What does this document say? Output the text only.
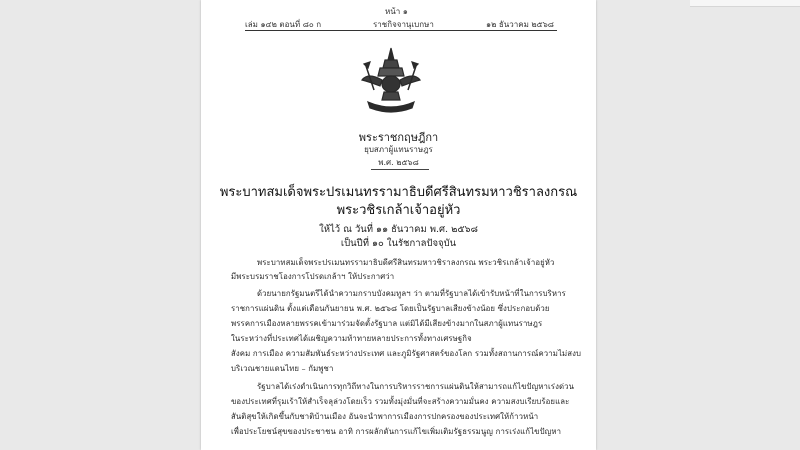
หน้า ๑
เล่ม ๑๔๒ ตอนที่ ๘๐ ก	ราชกิจจานุเบกษา	๑๒ ธันวาคม ๒๕๖๘
พระราชกฤษฎีกา
ยุบสภาผู้แทนราษฎร
พ.ศ. ๒๕๖๘
พระบาทสมเด็จพระปรเมนทรรามาธิบดีศรีสินทรมหาวชิราลงกรณ
พระวชิรเกล้าเจ้าอยู่หัว
ให้ไว้ ณ วันที่ ๑๑ ธันวาคม พ.ศ. ๒๕๖๘
เป็นปีที่ ๑๐ ในรัชกาลปัจจุบัน
พระบาทสมเด็จพระปรเมนทรรามาธิบดีศรีสินทรมหาวชิราลงกรณ พระวชิรเกล้าเจ้าอยู่หัว
มีพระบรมราชโองการโปรดเกล้าฯ ให้ประกาศว่า
ด้วยนายกรัฐมนตรีได้นำความกราบบังคมทูลฯ ว่า ตามที่รัฐบาลได้เข้ารับหน้าที่ในการบริหาร
ราชการแผ่นดิน ตั้งแต่เดือนกันยายน พ.ศ. ๒๕๖๘ โดยเป็นรัฐบาลเสียงข้างน้อย ซึ่งประกอบด้วย
พรรคการเมืองหลายพรรคเข้ามาร่วมจัดตั้งรัฐบาล แต่มิได้มีเสียงข้างมากในสภาผู้แทนราษฎร
ในระหว่างที่ประเทศได้เผชิญความท้าทายหลายประการทั้งทางเศรษฐกิจ
สังคม การเมือง ความสัมพันธ์ระหว่างประเทศ และภูมิรัฐศาสตร์ของโลก รวมทั้งสถานการณ์ความไม่สงบ
บริเวณชายแดนไทย – กัมพูชา
รัฐบาลได้เร่งดำเนินการทุกวิถีทางในการบริหารราชการแผ่นดินให้สามารถแก้ไขปัญหาเร่งด่วน
ของประเทศที่รุมเร้าให้สำเร็จลุล่วงโดยเร็ว รวมทั้งมุ่งมั่นที่จะสร้างความมั่นคง ความสงบเรียบร้อยและ
สันติสุขให้เกิดขึ้นกับชาติบ้านเมือง อันจะนำพาการเมืองการปกครองของประเทศให้ก้าวหน้า
เพื่อประโยชน์สุขของประชาชน อาทิ การผลักดันการแก้ไขเพิ่มเติมรัฐธรรมนูญ การเร่งแก้ไขปัญหา
